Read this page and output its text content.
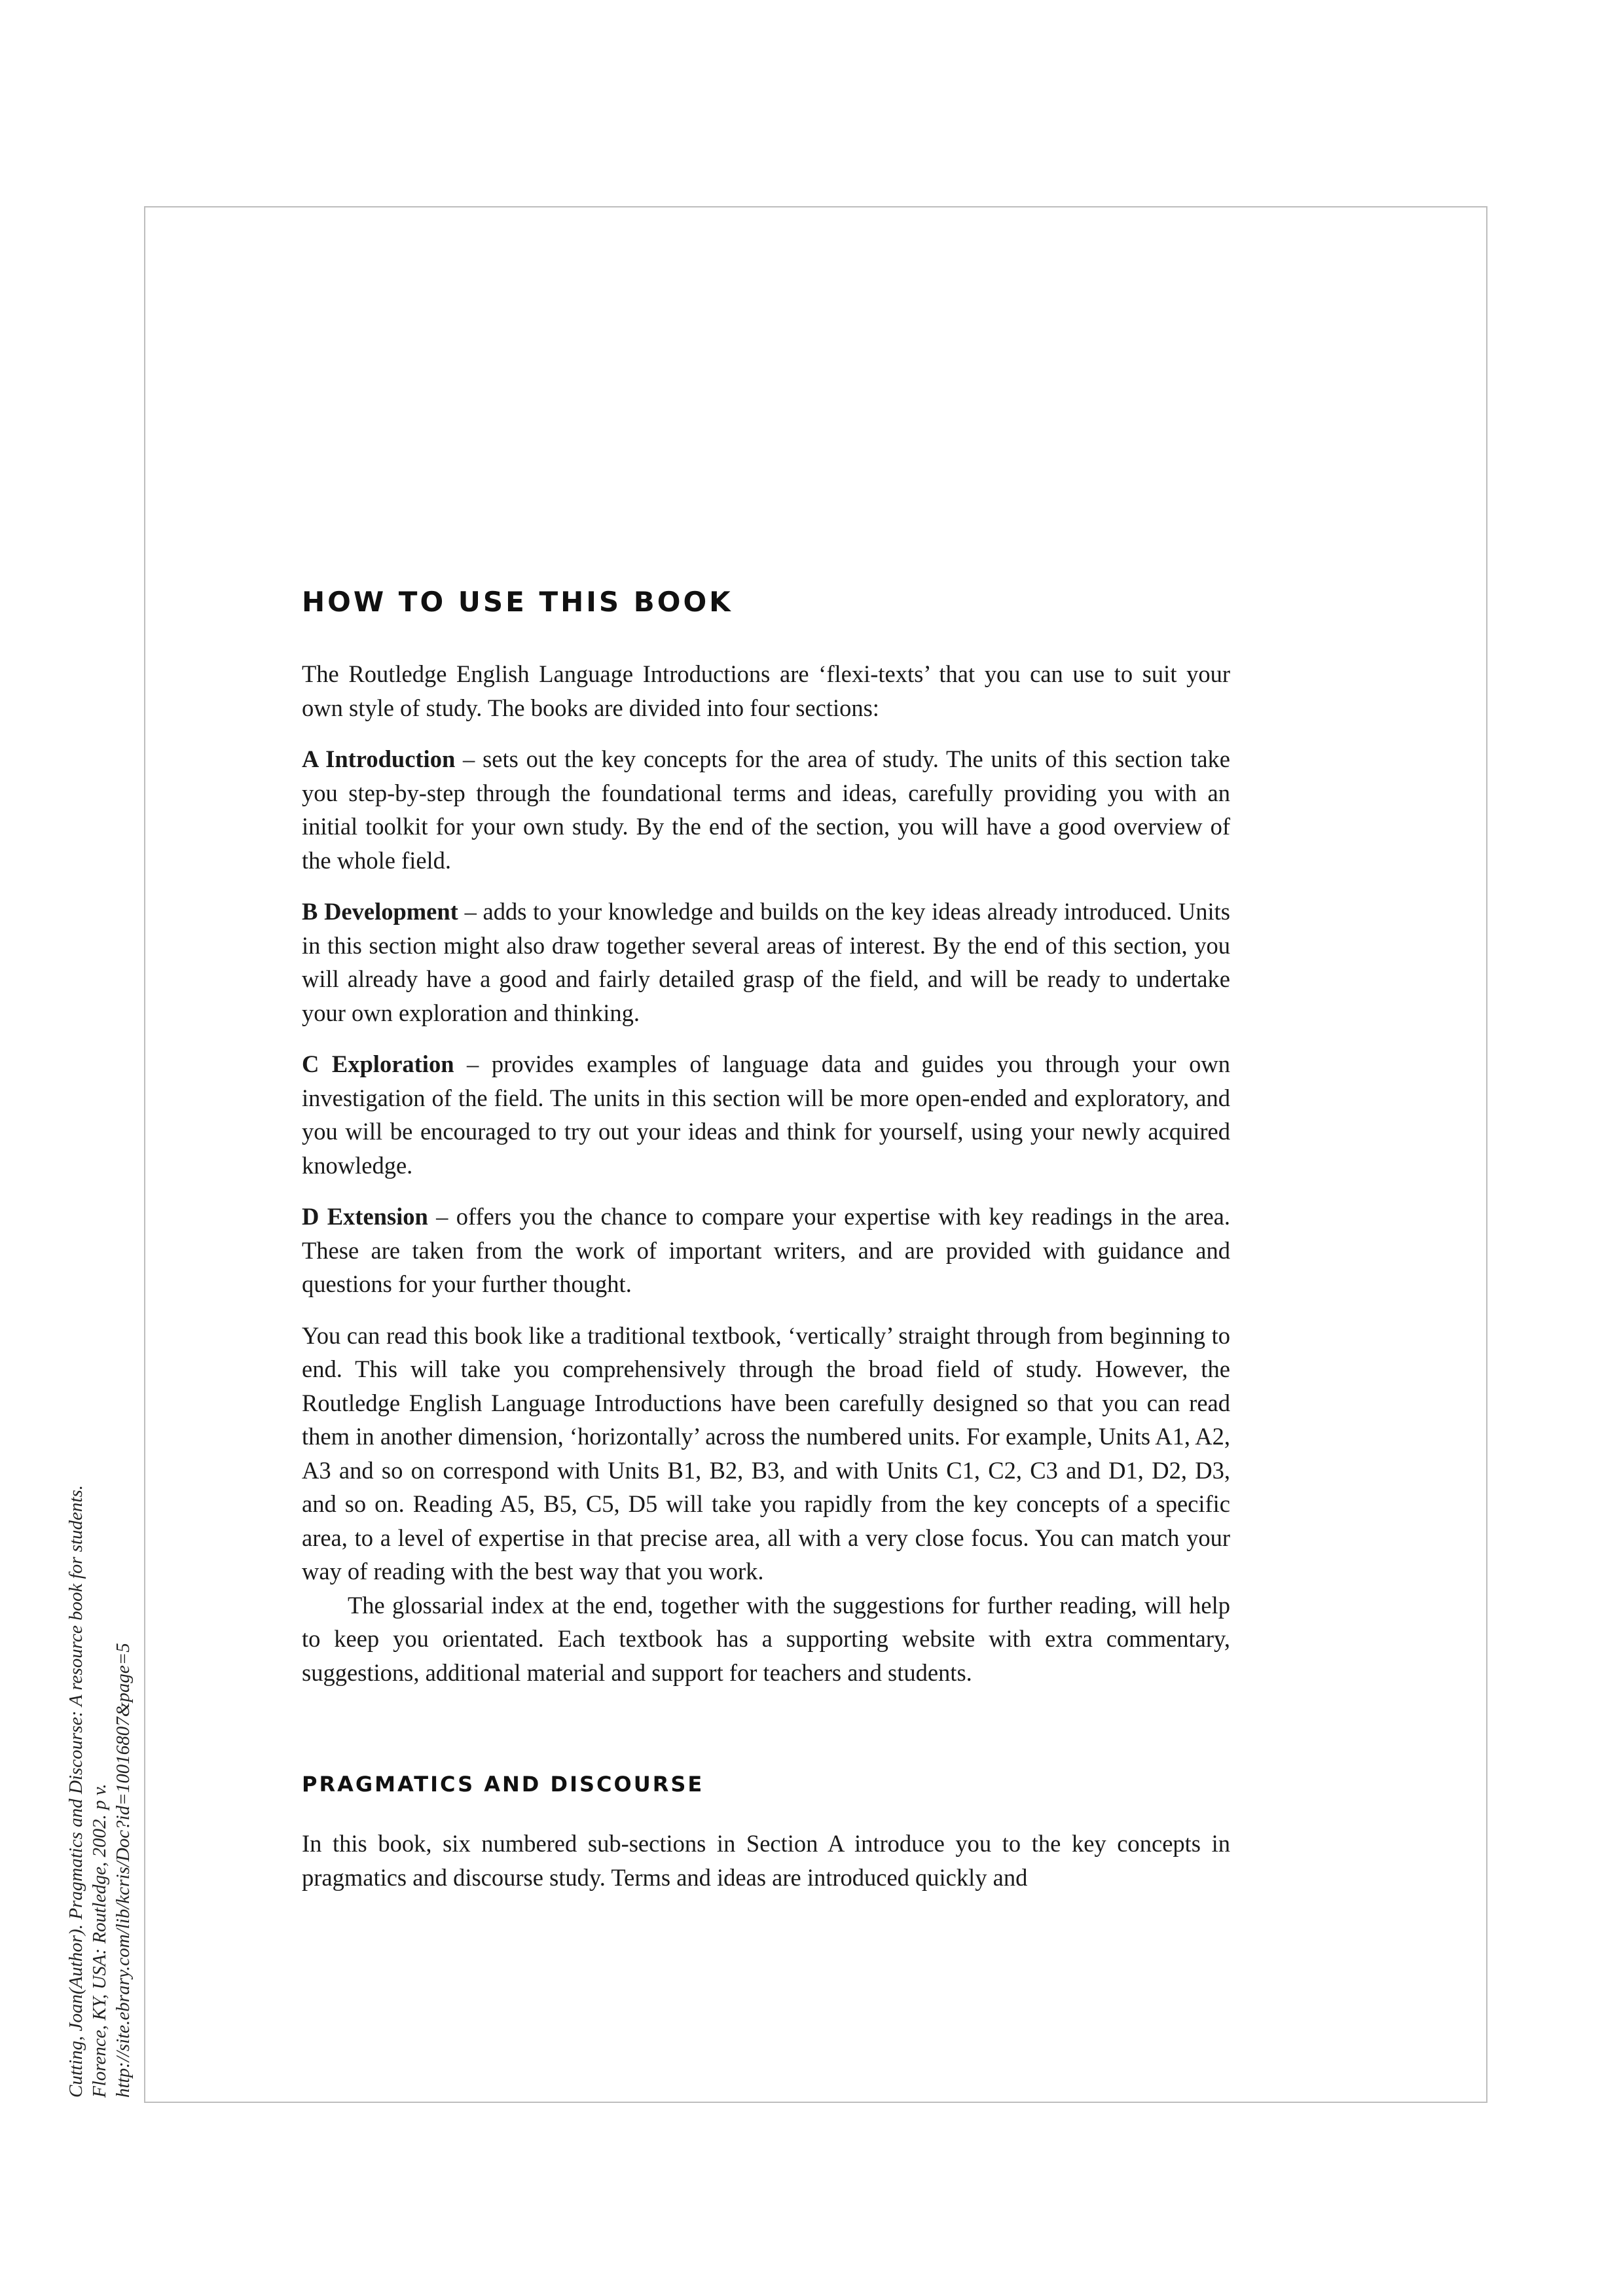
HOW TO USE THIS BOOK

The Routledge English Language Introductions are ‘flexi-texts’ that you can use to suit your own style of study. The books are divided into four sections:

A Introduction – sets out the key concepts for the area of study. The units of this section take you step-by-step through the foundational terms and ideas, carefully providing you with an initial toolkit for your own study. By the end of the section, you will have a good overview of the whole field.

B Development – adds to your knowledge and builds on the key ideas already introduced. Units in this section might also draw together several areas of interest. By the end of this section, you will already have a good and fairly detailed grasp of the field, and will be ready to undertake your own exploration and thinking.

C Exploration – provides examples of language data and guides you through your own investigation of the field. The units in this section will be more open-ended and exploratory, and you will be encouraged to try out your ideas and think for yourself, using your newly acquired knowledge.

D Extension – offers you the chance to compare your expertise with key readings in the area. These are taken from the work of important writers, and are provided with guidance and questions for your further thought.

You can read this book like a traditional textbook, ‘vertically’ straight through from beginning to end. This will take you comprehensively through the broad field of study. However, the Routledge English Language Introductions have been carefully designed so that you can read them in another dimension, ‘horizontally’ across the numbered units. For example, Units A1, A2, A3 and so on correspond with Units B1, B2, B3, and with Units C1, C2, C3 and D1, D2, D3, and so on. Reading A5, B5, C5, D5 will take you rapidly from the key concepts of a specific area, to a level of expertise in that precise area, all with a very close focus. You can match your way of reading with the best way that you work.

The glossarial index at the end, together with the suggestions for further reading, will help to keep you orientated. Each textbook has a supporting website with extra commentary, suggestions, additional material and support for teachers and students.

PRAGMATICS AND DISCOURSE

In this book, six numbered sub-sections in Section A introduce you to the key concepts in pragmatics and discourse study. Terms and ideas are introduced quickly and

Cutting, Joan(Author). Pragmatics and Discourse: A resource book for students. Florence, KY, USA: Routledge, 2002. p v. http://site.ebrary.com/lib/kcris/Doc?id=10016807&page=5
